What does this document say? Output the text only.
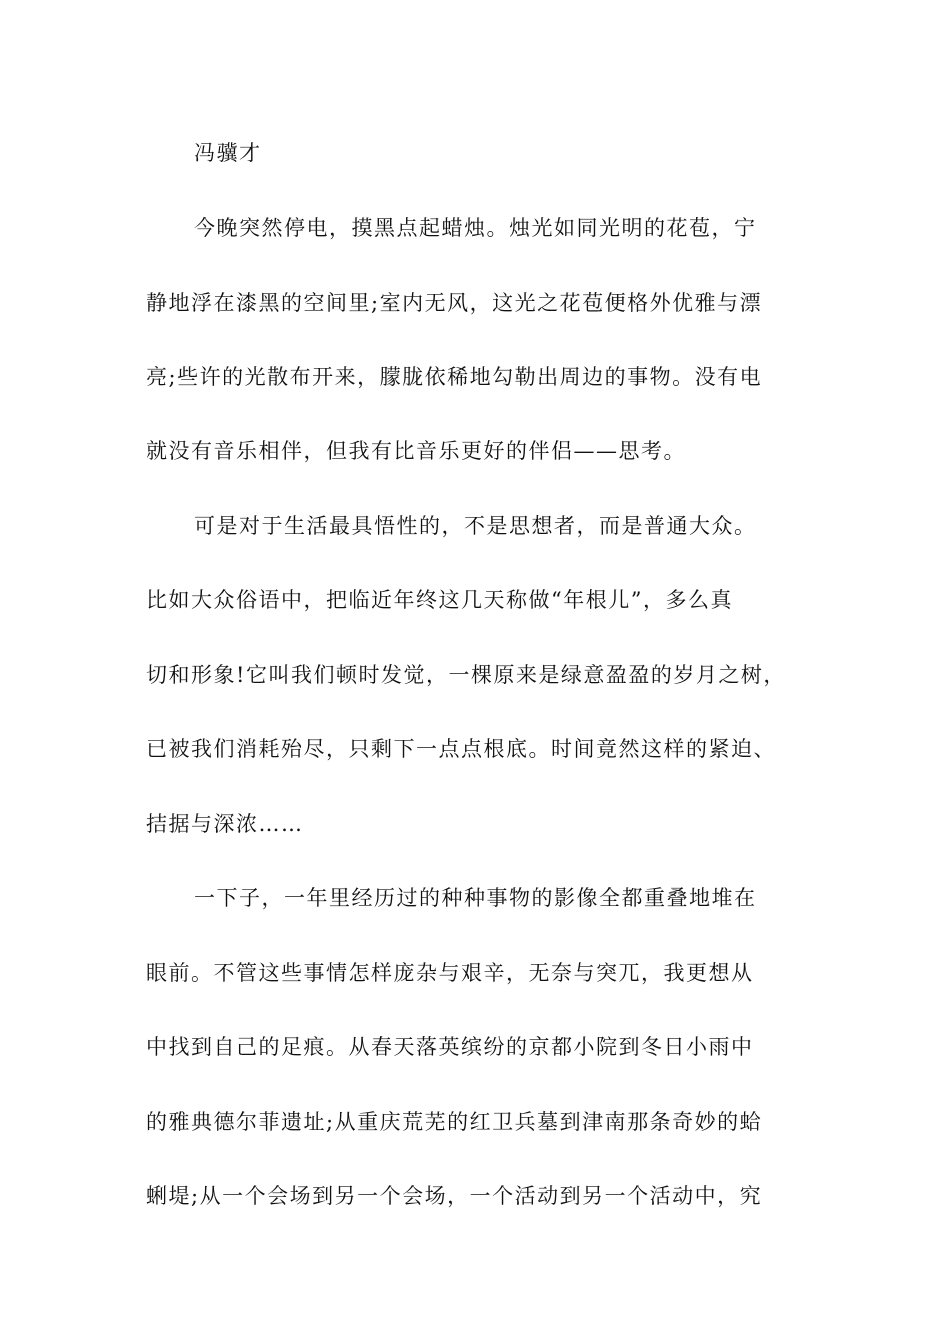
冯骥才
今晚突然停电，摸黑点起蜡烛。烛光如同光明的花苞，宁
静地浮在漆黑的空间里;室内无风，这光之花苞便格外优雅与漂
亮;些许的光散布开来，朦胧依稀地勾勒出周边的事物。没有电
就没有音乐相伴，但我有比音乐更好的伴侣——思考。
可是对于生活最具悟性的，不是思想者，而是普通大众。
比如大众俗语中，把临近年终这几天称做“年根儿”，多么真
切和形象!它叫我们顿时发觉，一棵原来是绿意盈盈的岁月之树，
已被我们消耗殆尽，只剩下一点点根底。时间竟然这样的紧迫、
拮据与深浓……
一下子，一年里经历过的种种事物的影像全都重叠地堆在
眼前。不管这些事情怎样庞杂与艰辛，无奈与突兀，我更想从
中找到自己的足痕。从春天落英缤纷的京都小院到冬日小雨中
的雅典德尔菲遗址;从重庆荒芜的红卫兵墓到津南那条奇妙的蛤
蜊堤;从一个会场到另一个会场，一个活动到另一个活动中，究
